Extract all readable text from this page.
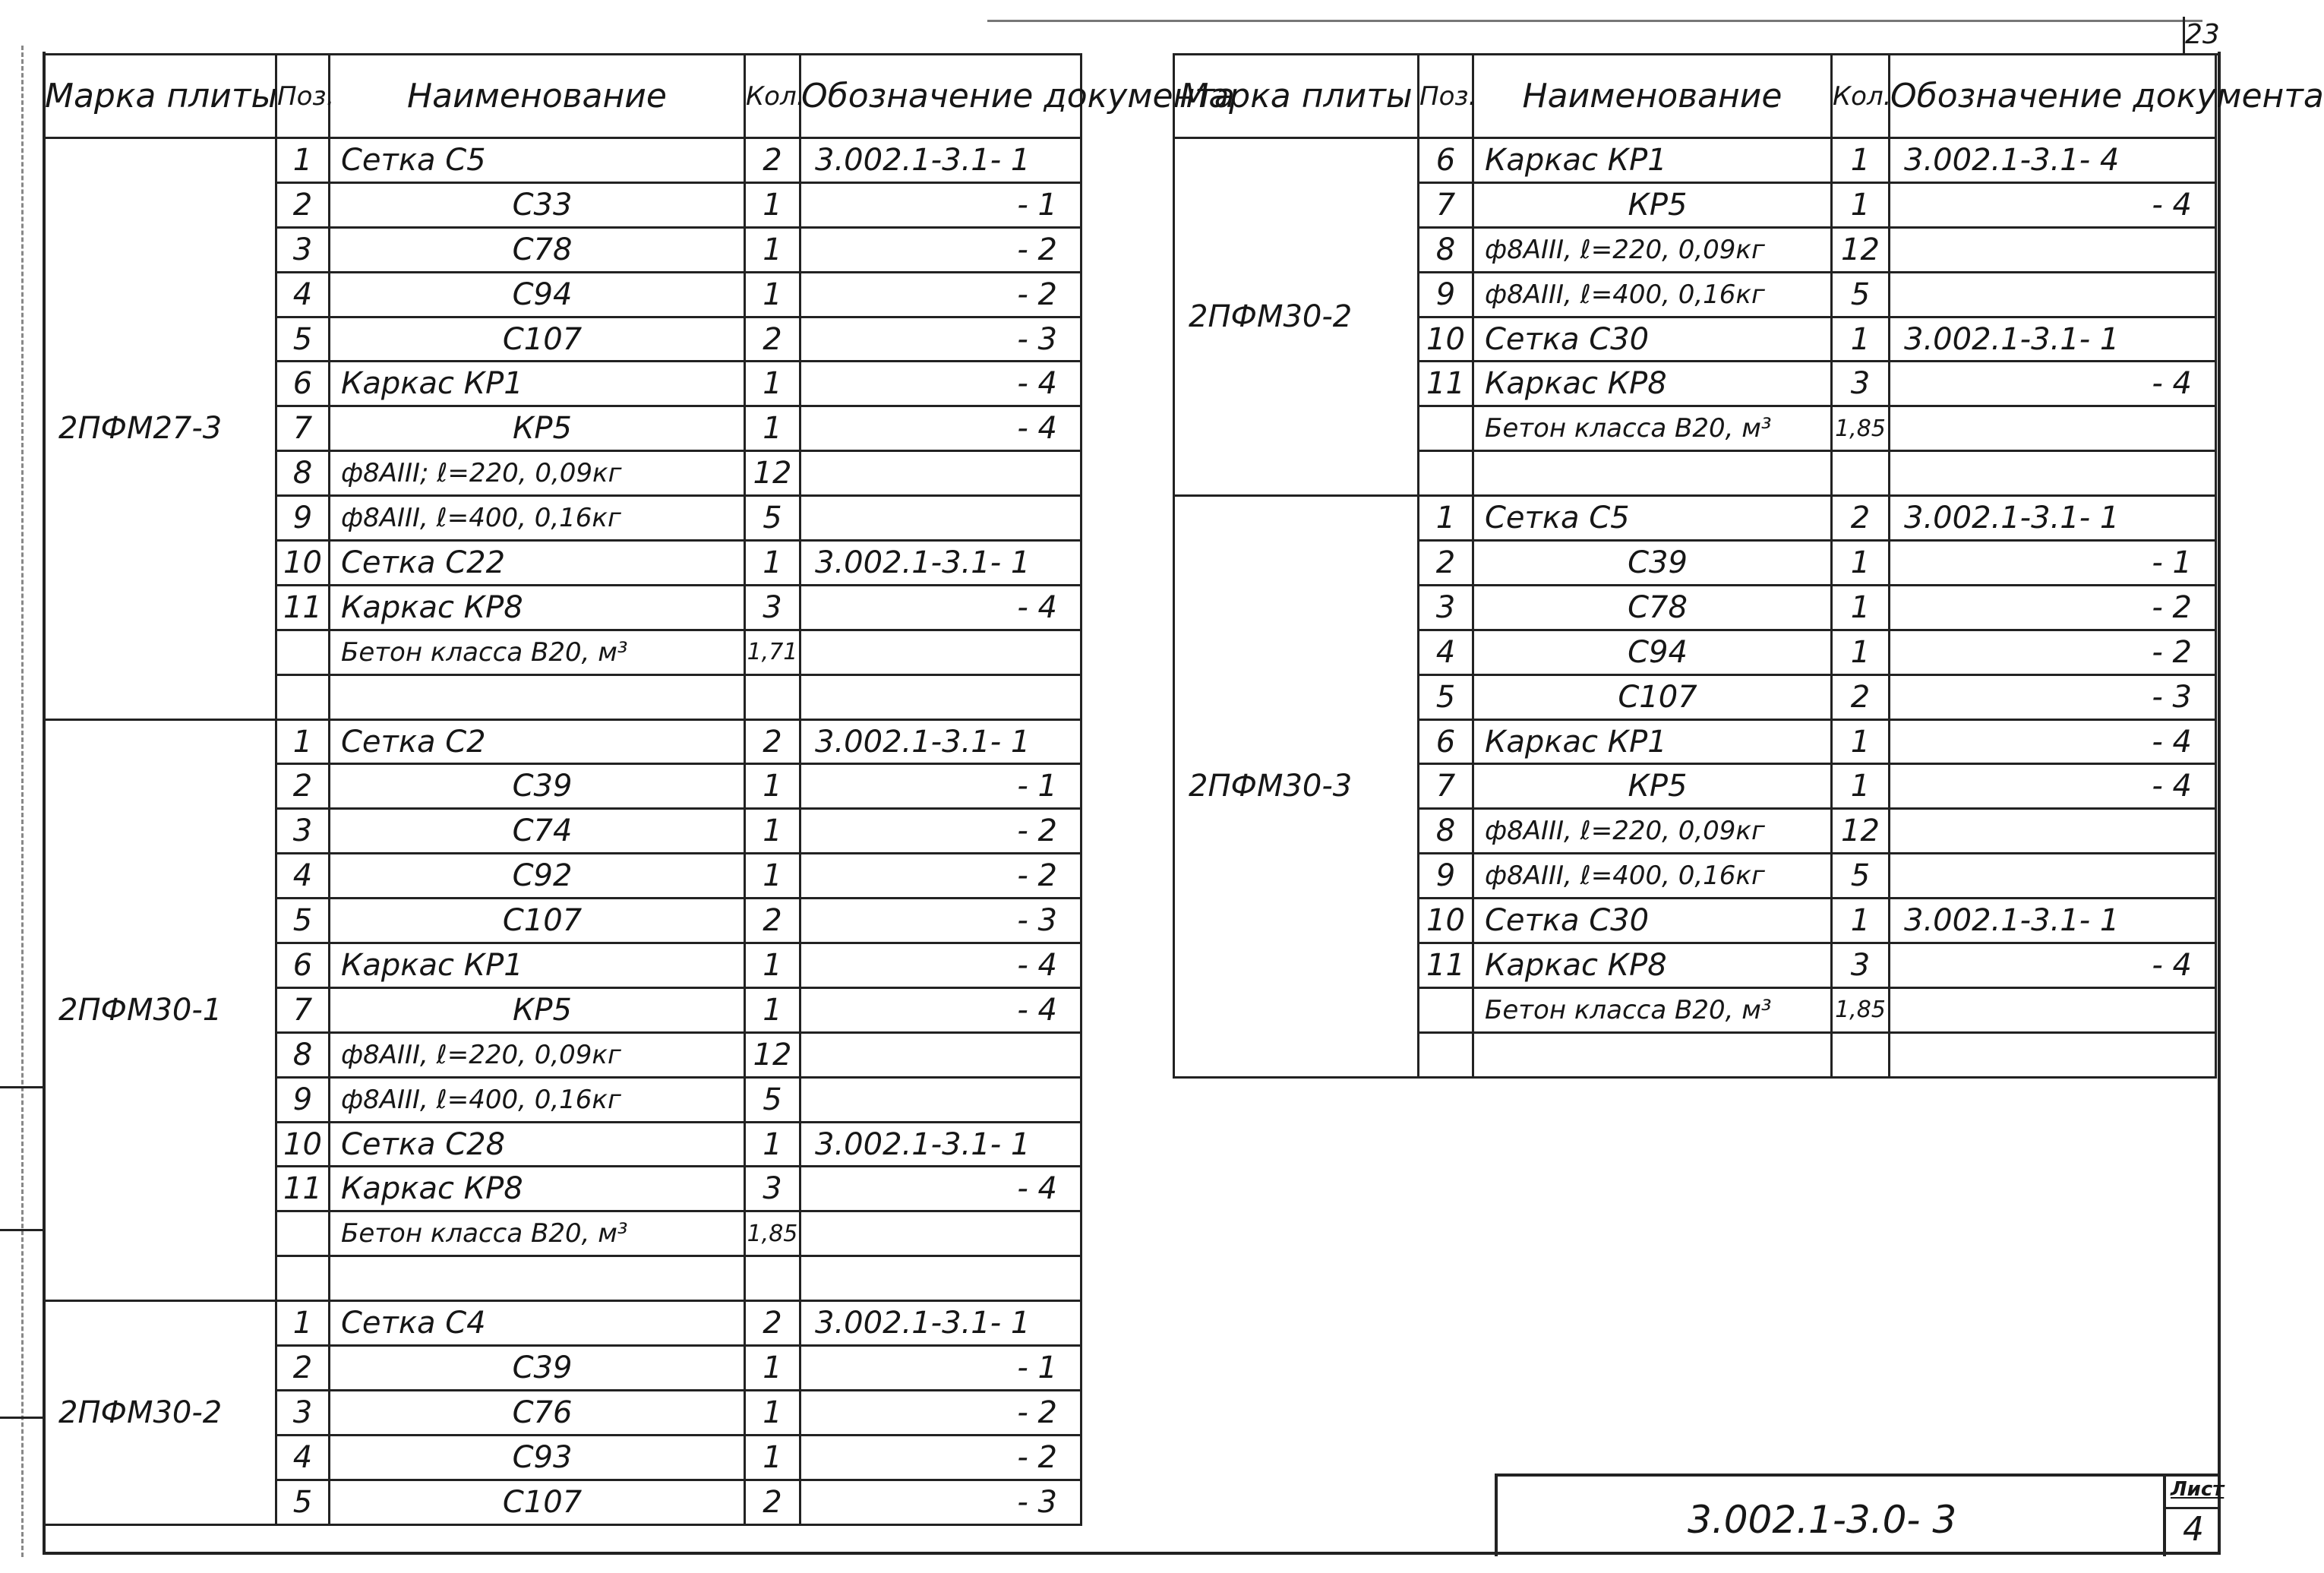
23
Марка плиты	Поз.	Наименование	Кол.	Обозначение документа
2ПФМ27-3	1	Сетка С5	2	3.002.1-3.1- 1
	2	С33	1	- 1
	3	С78	1	- 2
	4	С94	1	- 2
	5	С107	2	- 3
	6	Каркас КР1	1	- 4
	7	КР5	1	- 4
	8	ф8АIII; ℓ=220, 0,09кг	12	
	9	ф8АIII, ℓ=400, 0,16кг	5	
	10	Сетка С22	1	3.002.1-3.1- 1
	11	Каркас КР8	3	- 4
		Бетон класса В20, м³	1,71	

2ПФМ30-1	1	Сетка С2	2	3.002.1-3.1- 1
	2	С39	1	- 1
	3	С74	1	- 2
	4	С92	1	- 2
	5	С107	2	- 3
	6	Каркас КР1	1	- 4
	7	КР5	1	- 4
	8	ф8АIII, ℓ=220, 0,09кг	12	
	9	ф8АIII, ℓ=400, 0,16кг	5	
	10	Сетка С28	1	3.002.1-3.1- 1
	11	Каркас КР8	3	- 4
		Бетон класса В20, м³	1,85	

2ПФМ30-2	1	Сетка С4	2	3.002.1-3.1- 1
	2	С39	1	- 1
	3	С76	1	- 2
	4	С93	1	- 2
	5	С107	2	- 3
Марка плиты	Поз.	Наименование	Кол.	Обозначение документа
2ПФМ30-2	6	Каркас КР1	1	3.002.1-3.1- 4
	7	КР5	1	- 4
	8	ф8АIII, ℓ=220, 0,09кг	12	
	9	ф8АIII, ℓ=400, 0,16кг	5	
	10	Сетка С30	1	3.002.1-3.1- 1
	11	Каркас КР8	3	- 4
		Бетон класса В20, м³	1,85	

2ПФМ30-3	1	Сетка С5	2	3.002.1-3.1- 1
	2	С39	1	- 1
	3	С78	1	- 2
	4	С94	1	- 2
	5	С107	2	- 3
	6	Каркас КР1	1	- 4
	7	КР5	1	- 4
	8	ф8АIII, ℓ=220, 0,09кг	12	
	9	ф8АIII, ℓ=400, 0,16кг	5	
	10	Сетка С30	1	3.002.1-3.1- 1
	11	Каркас КР8	3	- 4
		Бетон класса В20, м³	1,85	

3.002.1-3.0- 3
Лист
4
